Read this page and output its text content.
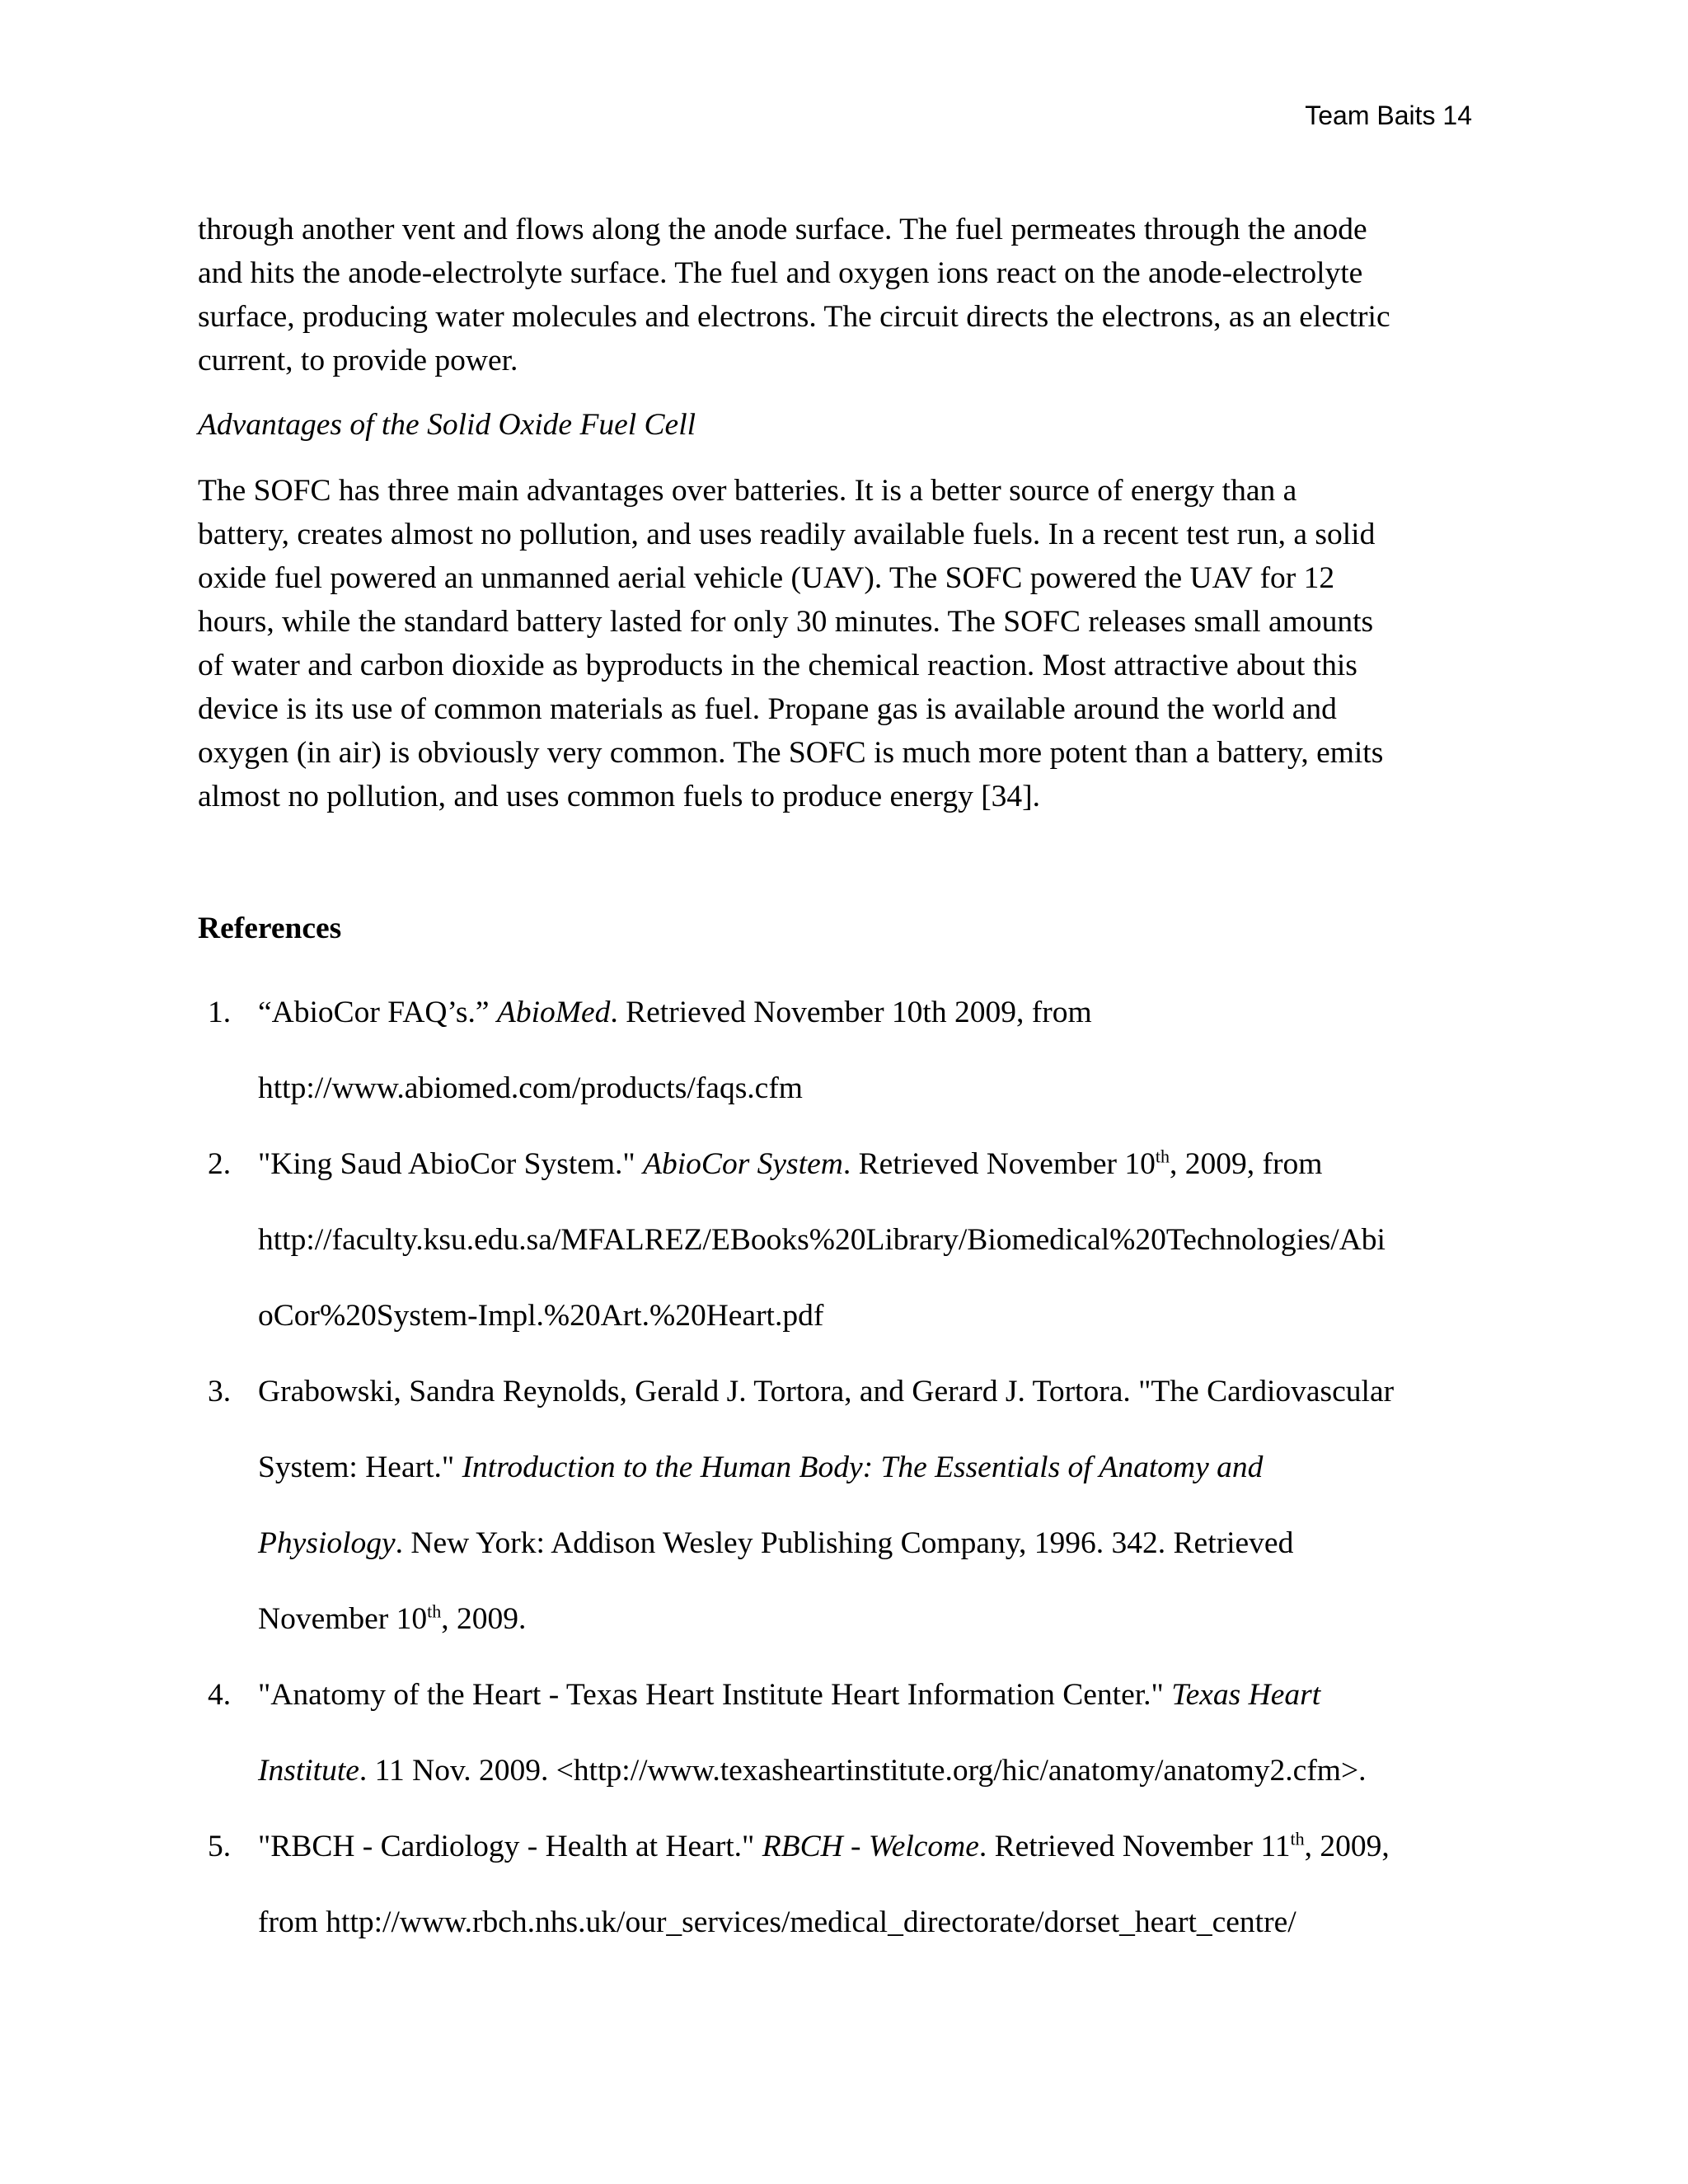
Team Baits 14

through another vent and flows along the anode surface. The fuel permeates through the anode
and hits the anode-electrolyte surface. The fuel and oxygen ions react on the anode-electrolyte
surface, producing water molecules and electrons. The circuit directs the electrons, as an electric
current, to provide power.

Advantages of the Solid Oxide Fuel Cell

The SOFC has three main advantages over batteries. It is a better source of energy than a
battery, creates almost no pollution, and uses readily available fuels. In a recent test run, a solid
oxide fuel powered an unmanned aerial vehicle (UAV). The SOFC powered the UAV for 12
hours, while the standard battery lasted for only 30 minutes. The SOFC releases small amounts
of water and carbon dioxide as byproducts in the chemical reaction. Most attractive about this
device is its use of common materials as fuel. Propane gas is available around the world and
oxygen (in air) is obviously very common. The SOFC is much more potent than a battery, emits
almost no pollution, and uses common fuels to produce energy [34].

References
1. “AbioCor FAQ’s.” AbioMed. Retrieved November 10th 2009, from
http://www.abiomed.com/products/faqs.cfm
2. "King Saud AbioCor System." AbioCor System. Retrieved November 10th, 2009, from
http://faculty.ksu.edu.sa/MFALREZ/EBooks%20Library/Biomedical%20Technologies/Abi
oCor%20System-Impl.%20Art.%20Heart.pdf
3. Grabowski, Sandra Reynolds, Gerald J. Tortora, and Gerard J. Tortora. "The Cardiovascular
System: Heart." Introduction to the Human Body: The Essentials of Anatomy and
Physiology. New York: Addison Wesley Publishing Company, 1996. 342. Retrieved
November 10th, 2009.
4. "Anatomy of the Heart - Texas Heart Institute Heart Information Center." Texas Heart
Institute. 11 Nov. 2009. <http://www.texasheartinstitute.org/hic/anatomy/anatomy2.cfm>.
5. "RBCH - Cardiology - Health at Heart." RBCH - Welcome. Retrieved November 11th, 2009,
from http://www.rbch.nhs.uk/our_services/medical_directorate/dorset_heart_centre/
